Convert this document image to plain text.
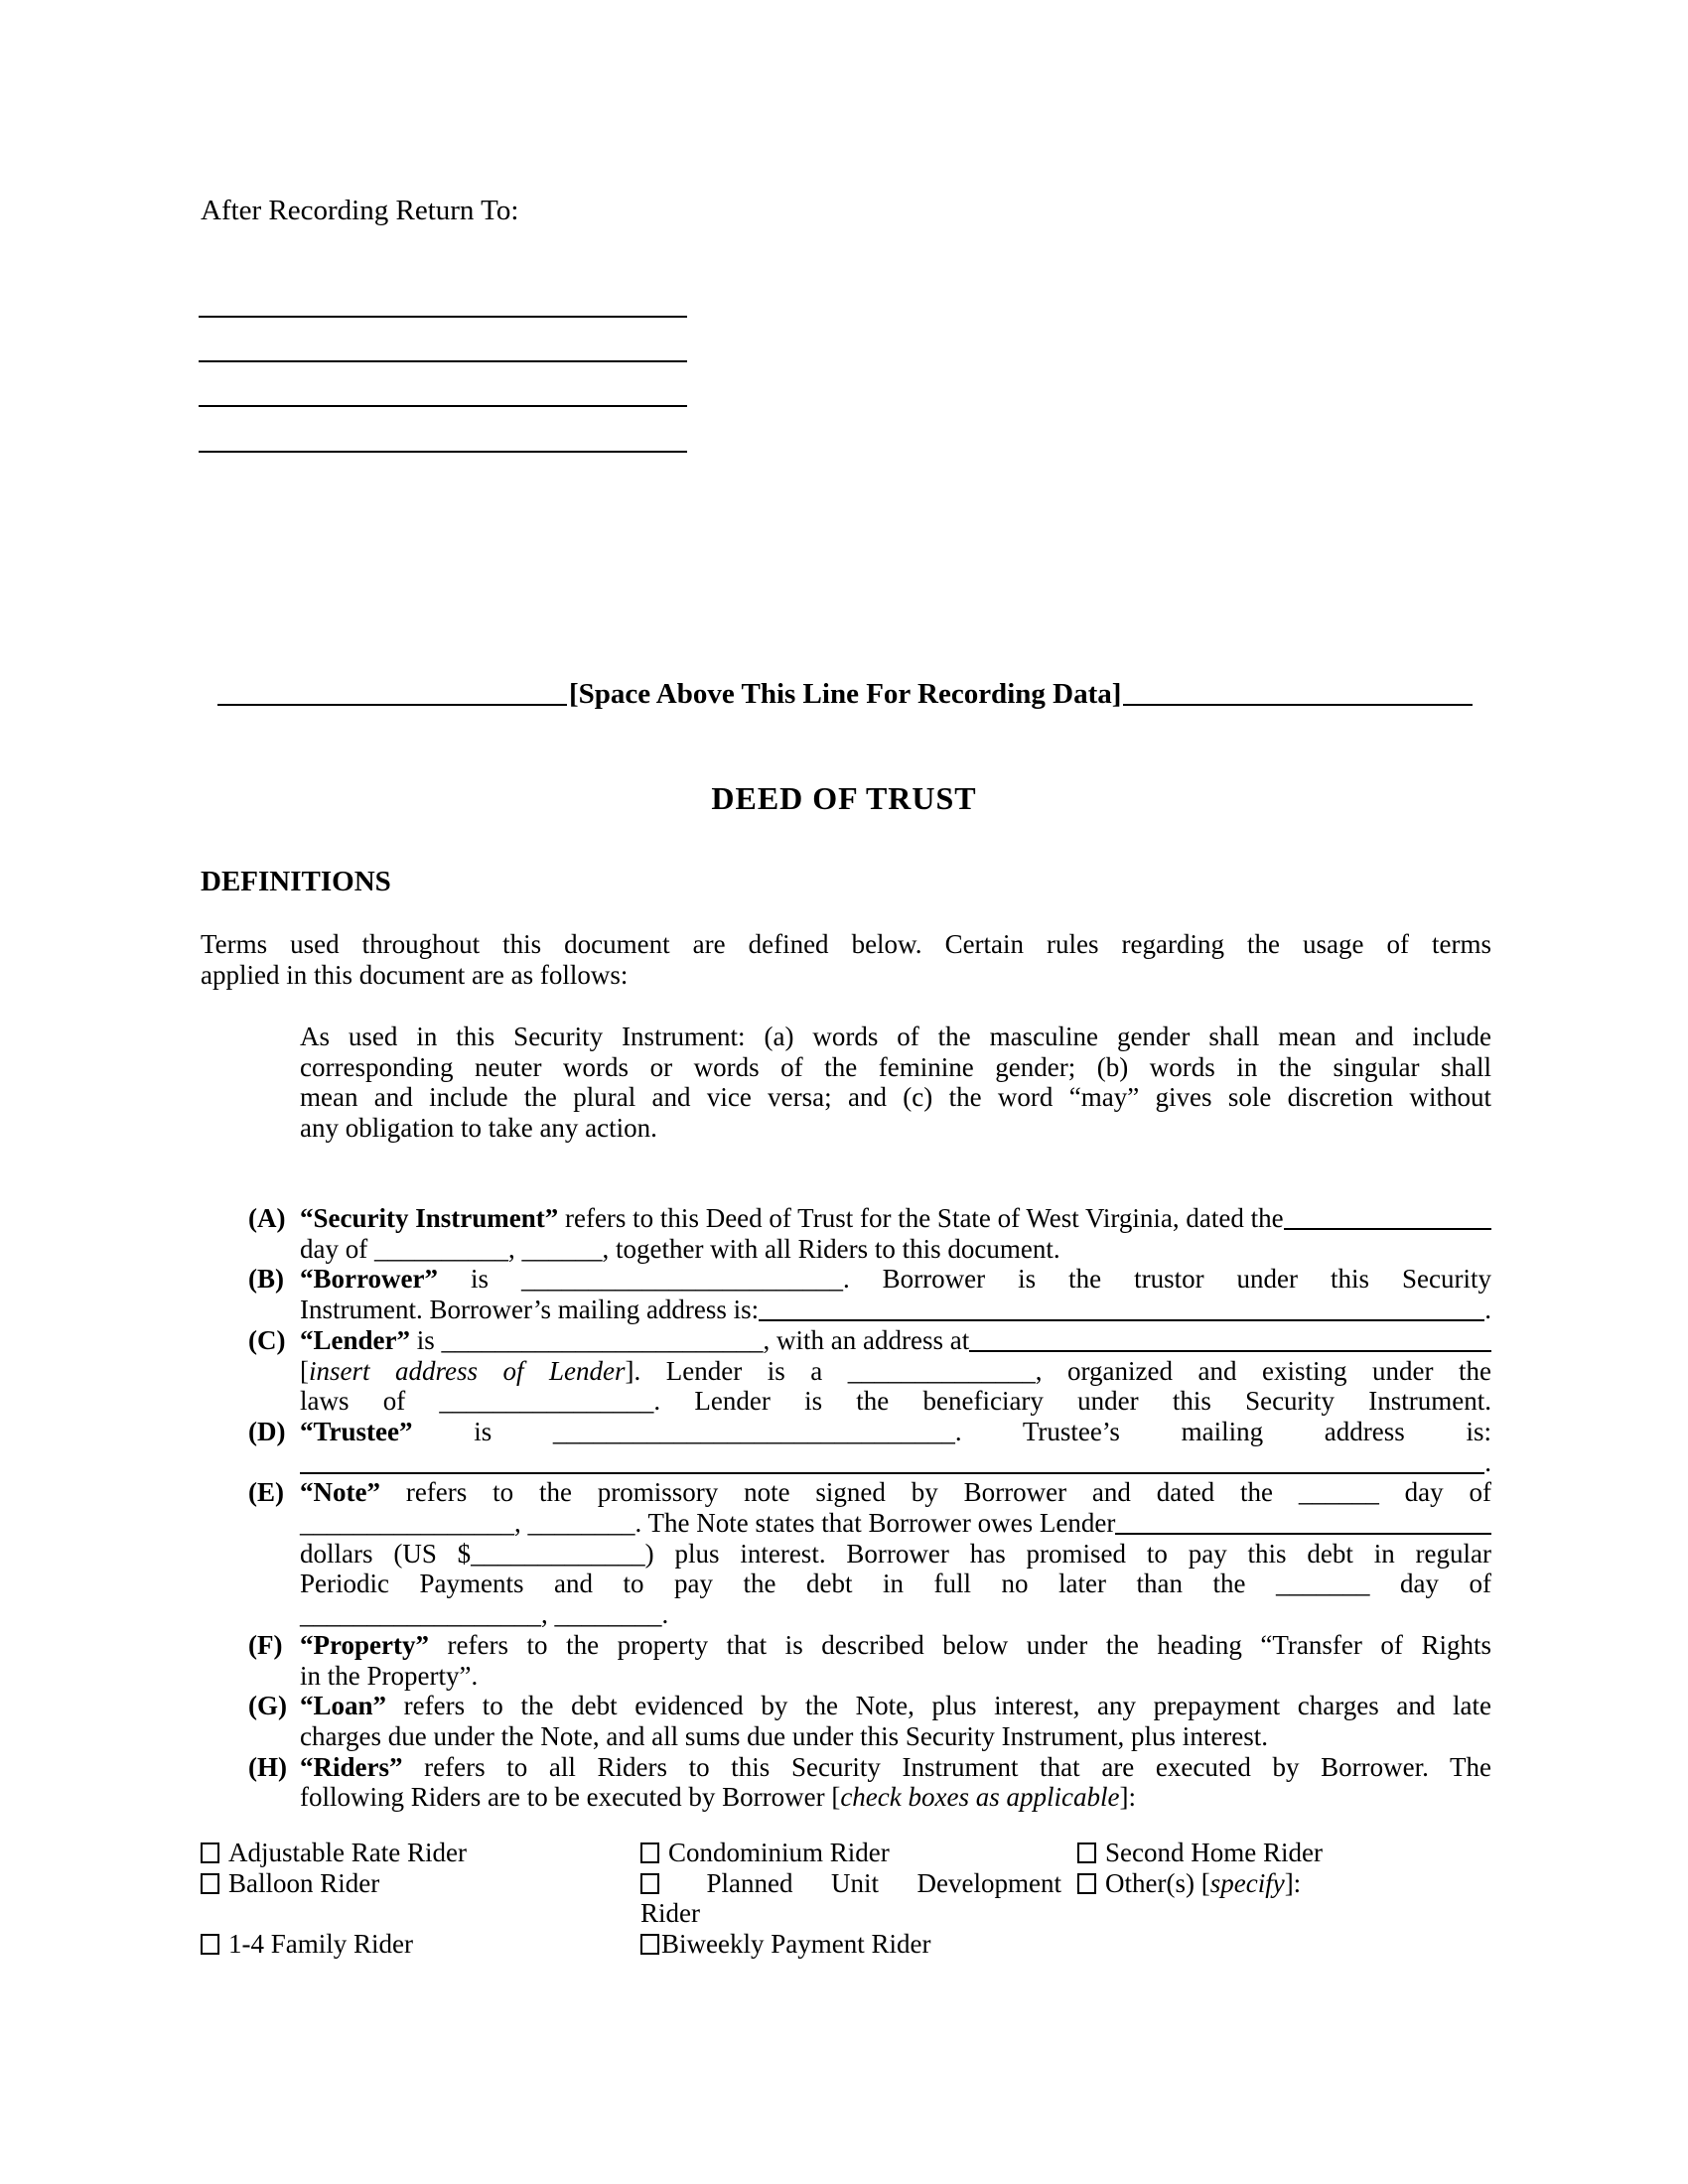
After Recording Return To:
[Space Above This Line For Recording Data]
DEED OF TRUST
DEFINITIONS
Terms used throughout this document are defined below. Certain rules regarding the usage of terms
applied in this document are as follows:
As used in this Security Instrument: (a) words of the masculine gender shall mean and include
corresponding neuter words or words of the feminine gender; (b) words in the singular shall
mean and include the plural and vice versa; and (c) the word “may” gives sole discretion without
any obligation to take any action.
(A) “Security Instrument” refers to this Deed of Trust for the State of West Virginia, dated the
day of __________, ______, together with all Riders to this document.
(B) “Borrower” is ________________________. Borrower is the trustor under this Security
Instrument. Borrower’s mailing address is:	.
(C) “Lender” is ________________________, with an address at
[insert address of Lender]. Lender is a ______________, organized and existing under the
laws of ________________. Lender is the beneficiary under this Security Instrument.
(D) “Trustee” is ______________________________. Trustee’s mailing address is:
.
(E) “Note” refers to the promissory note signed by Borrower and dated the ______ day of
________________, ________. The Note states that Borrower owes Lender
dollars (US $_____________) plus interest. Borrower has promised to pay this debt in regular
Periodic Payments and to pay the debt in full no later than the _______ day of
__________________, ________.
(F) “Property” refers to the property that is described below under the heading “Transfer of Rights
in the Property”.
(G) “Loan” refers to the debt evidenced by the Note, plus interest, any prepayment charges and late
charges due under the Note, and all sums due under this Security Instrument, plus interest.
(H) “Riders” refers to all Riders to this Security Instrument that are executed by Borrower. The
following Riders are to be executed by Borrower [check boxes as applicable]:
Adjustable Rate Rider
Balloon Rider

1-4 Family Rider
Condominium Rider
Planned Unit Development
Rider
Biweekly Payment Rider
Second Home Rider
Other(s) [specify]:
